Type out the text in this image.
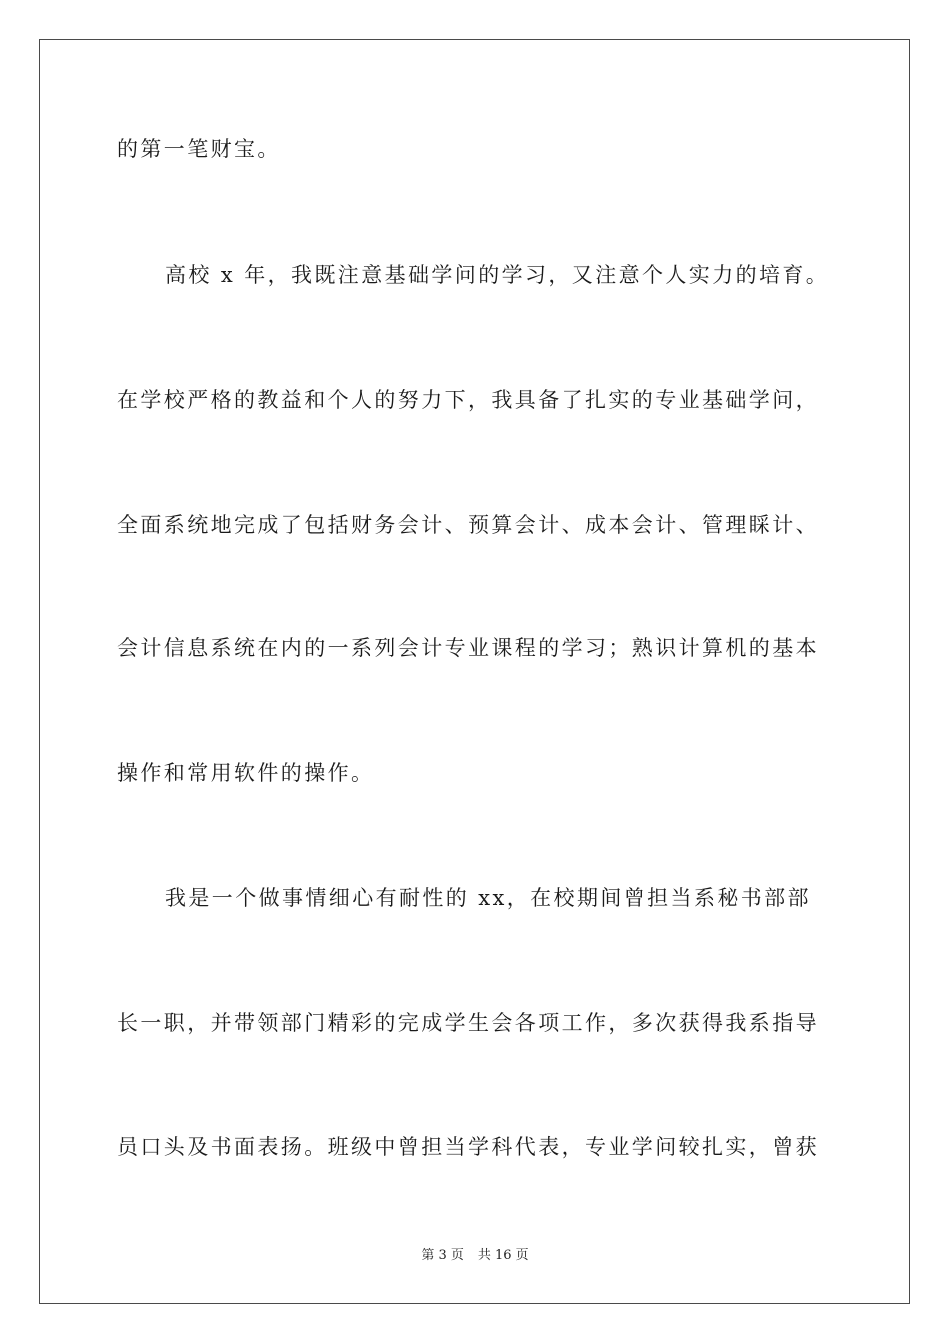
的第一笔财宝。

高校 x 年，我既注意基础学问的学习，又注意个人实力的培育。

在学校严格的教益和个人的努力下，我具备了扎实的专业基础学问，

全面系统地完成了包括财务会计、预算会计、成本会计、管理睬计、

会计信息系统在内的一系列会计专业课程的学习；熟识计算机的基本

操作和常用软件的操作。

我是一个做事情细心有耐性的 xx，在校期间曾担当系秘书部部

长一职，并带领部门精彩的完成学生会各项工作，多次获得我系指导

员口头及书面表扬。班级中曾担当学科代表，专业学问较扎实，曾获

第 3 页 共 16 页
